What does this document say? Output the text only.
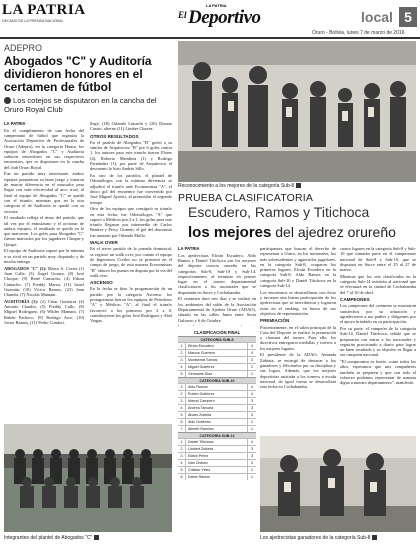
LA PATRIA
DECANO DE LA PRENSA NACIONAL
El
LA PATRIA
Deportivo	local 5
Oruro - Bolivia, lunes 7 de marzo de 2016
ADEPRO
Abogados "C" y Auditoría dividieron honores en el certamen de fútbol
Los cotejos se disputaron en la cancha del Oruro Royal Club

LA PATRIA

En el cumplimiento de una fecha del campeonato de fútbol que organiza la Asociación Deportiva de Profesionales de Oruro (Adepro), en la categoría Honor, los equipos de Abogados "C" y Auditoría salieron vencedores en sus respectivos encuentros, que se disputaron en la cancha del club Oruro Royal.

Fue un partido muy interesante, ambos equipos prepararon su buen juego y trataron de marcar diferencia en el marcador para llegar con más efectividad al arco rival, al final el equipo de Abogados "C" se quedó con el triunfo, mientras que en la otra categoría el de Auditoría se quedó con su victoria.

El resultado refleja el ritmo del partido, que tal vez por el entusiasmo y el accionar de ambos equipos, el resultado se quedó en lo que marcaron. Los goles para Abogados "C" fueron marcados por los jugadores Choque y Quispe.

El equipo de Auditoría superó por la mínima a su rival en un partido muy disputado y de mucha entrega.

ABOGADOS "C" (5): Marco A. Cortez (1) Juan Calle, (3) Ángel Gomez, (8) José Choque, (9) René Camacho, (4) Edson Camacho, (7) Freddy Marza, (11) Israel Guzmán, (10) Víctor Ramos, (23) Juan Chambi, (7) Nicolás Mamani.

AUDITORÍA (1): (2) César Gutierrez (4) Antonio Claudio, (5) Freddy Callo, (8) Miguel Rodriguez, (6) Wilder Mamani, (7) Rubén Pacheco, (9) Rodrigo Arce, (10) Javier Ramos, (11) Pedro Condori.

llegó, (18) Orlando Limachi y (20) Donato Castro; alterno (11) Limber Chavez.

OTROS RESULTADOS

En el partido de Abogados "B" goleó a su similar de Arquitectos "B" por 6 goles contra 1, los autores para este triunfo fueron Flores (4), Roberto Mendieta (1) y Rodrigo Fernández (1); por parte de Arquitectos el descuento lo hizo Andrés Sillo.

En otro de los partidos, el plantel de Odontólogos con la mínima diferencia se adjudicó el triunfo ante Economistas "A", el único gol del encuentro fue convertido por José Miguel Ayaviri, al promediar el segundo tiempo.

Otro de los equipos que consiguió su triunfo en esta fecha, fue Odontólogos "A" que superó a Médicos por 2 a 1, los goles para este triunfo llegaron por intermedio de Carlos Benítez y Percy Ovando; el gol del descuento fue anotado por Orlando Mollo.

WALK OVER

En el tercer partido de la jornada dominical, se registró un walk over, por cuanto el equipo de Ingenieros Civiles no se presentó en el campo de juego, de esta manera Economistas "B" obtuvo los puntos en disputa por la vía del walk over.

ASCENSO

En la fecha se hizo la programación de un partido por la categoría Ascenso, los protagonistas fueron los equipos de Petroleros "A" y Médicos "A", al final el triunfo favoreció a los primeros por 2 a 0, contribuyeron los goles José Rodríguez y Abel Vargas.

Integrantes del plantel de Abogados "C"
Reconocimiento a los mejores de la categoría Sub-8
PRUEBA CLASIFICATORIA
Escudero, Ramos y Titichoca
los mejores del ajedrez orureño

LA PATRIA

Los ajedrecistas Efraín Escudero, Aldo Ramos y Daniel Titichoca son los mejores del deporte ciencia orureño en las categorías Sub-8, Sub-10 y Sub-14, respectivamente, al terminar en primer lugar en el torneo departamental clasificatorio a los nacionales que se disputarán en Sucre y Cochabamba.

El certamen duró tres días y se realizó en los ambientes del salón de la Asociación Departamental de Ajedrez Oruro (ADAO), situado en las calles Junín entre Soria Galvarro y 6 de Octubre.

participantes que buscan el derecho de representar a Oruro, en los nacionales, los más sobresalientes y aguerridos jugadores, en la categoría Sub-8, ocuparon los primeros lugares. Efraín Escudero en la categoría Sub-8, Aldo Ramos en la categoría Sub-10 y Daniel Titichoca en la categoría Sub-14.

Los encuentros se desarrollaron con éxito y tuvieron una buena participación de los ajedrecistas que se inscribieron y lograron estar en el ranking, en busca de sus objetivos de representación.

PREMIACIÓN

Posteriormente, en el salón principal de la Casa del Deporte se realizó la premiación y clausura del torneo. Para ello, los directivos entregaron medallas y trofeos a los mejores lugares.

El presidente de la ADAO, Amanda Zubieta, se encargó de destacar a los ganadores y felicitarlos por su disciplina y sus logros. Además, que los mejores deportistas asistirán a los torneos a escala nacional, de igual forma se desarrollará esta fecha en Cochabamba.

cuatro lugares en la categoría Sub-8 y Sub-10 que tomarán parte en el campeonato nacional de Sub-8 y Sub-10, que se disputará en Sucre entre el 25 al 27 de marzo.

Mientras que los seis clasificados en la categoría Sub-14 asistirán al nacional que se efectuará en la ciudad de Cochabamba del 7 al 10 de abril.

CAMPEONES

Los campeones del certamen se mostraron satisfechos por su actuación y agradecieron a sus padres y dirigentes por el apoyo brindado en su participación.

Por su parte, el campeón de la categoría Sub-14, Daniel Titichoca, señaló que se prepararán con miras a los nacionales y seguirán practicando a diario para lograr un buen resultado y su objetivo es llegar a ser campeón nacional.

"El compromiso es fuerte, como todos los años, esperamos que mis compañeros también se preparen y que con todo el esfuerzo podamos representar de manera digna a nuestro departamento", manifestó.

CLASIFICACIÓN FINAL
CATEGORÍA SUB-8
1	Efraín Escudero	4
2	Marcos Guerrero	4
3	Montserrat Samos	3
4	Miguel Gutiérrez	2
5	Germaine Díaz	1
CATEGORÍA SUB-10
1	Aldo Ramos	4
2	Rubén Gutiérrez	4
3	Marcel Campero	3
4	Andrea Tancara	3
5	Álvaro Zubieta	3
6	Aldo Gutiérrez	2
7	Alberth Ramírez	1
CATEGORÍA SUB-14
1	Daniel Titichoca	4
2	Limbert Zubieta	3
3	Edwin Pérez	3
4	Iván Chávez	3
5	Cristian Vélez	2
6	Dafne Ramos	1
Los ajedrecistas ganadores de la categoría Sub-8
